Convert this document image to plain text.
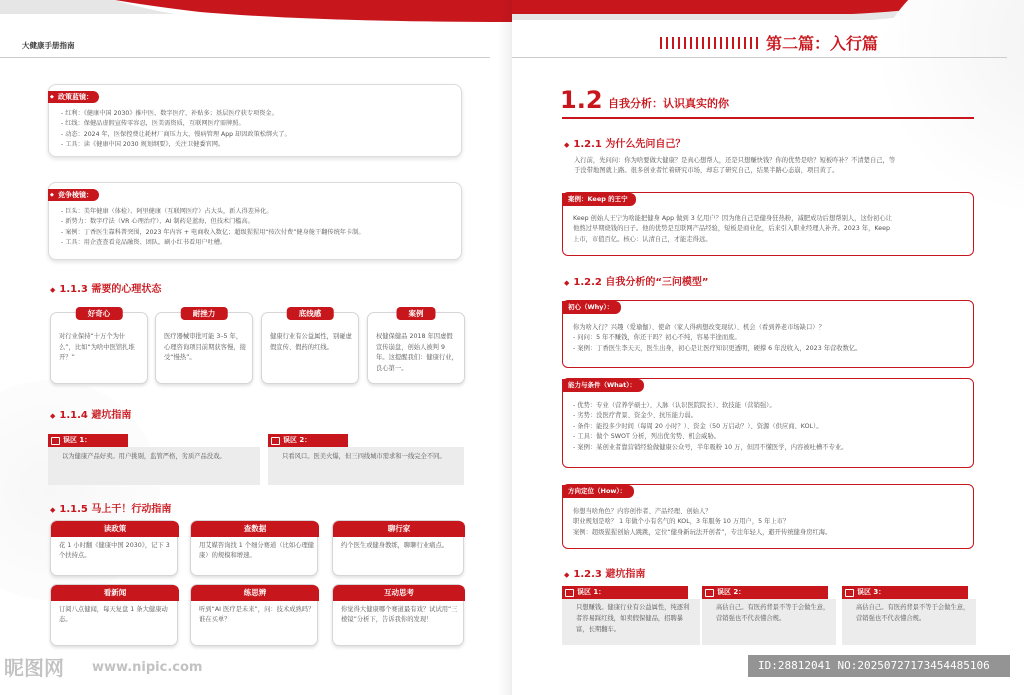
大健康手册指南
◆ 政策蓝镜：
- 红利：《健康中国 2030》推中医、数字医疗、补贴多；基层医疗获专项资金。
- 红线：保健品虚假宣传零容忍，医美需资质，互联网医疗需牌照。
- 动态：2024 年，医保控费让耗材厂商压力大，慢病管理 App 却因政策松绑火了。
- 工具：读《健康中国 2030 规划纲要》，关注卫健委官网。
◆ 竞争棱镜：
- 巨头：美年健康（体检）、阿里健康（互联网医疗）占大头，新人得差异化。
- 新势力：数字疗法（VR 心理治疗）、AI 制药是蓝海，但技术门槛高。
- 案例：丁香医生靠科普突围，2023 年内容 + 电商收入数亿；超级猩猩用“按次付费”健身舱干翻传统年卡制。
- 工具：用企查查看竞品融资、团队，刷小红书看用户吐槽。
◆ 1.1.3 需要的心理状态
好奇心
对行业保持“十万个为什么”，比如“为啥中医馆扎堆开？”
耐挫力
医疗器械审批可能 3–5 年，心理咨询项目前期获客慢，接受“慢热”。
底线感
健康行业有公益属性，别碰虚假宣传、假药的红线。
案例
权健保健品 2018 年因虚假宣传崩盘，创始人被判 9 年。这提醒我们：健康行业，良心第一。
◆ 1.1.4 避坑指南
误区 1：
以为健康产品好卖。用户挑剔，监管严格，劣质产品没戏。
误区 2：
只看风口。医美火爆，但三四线城市需求和一线完全不同。
◆ 1.1.5 马上干！行动指南
读政策
花 1 小时翻《健康中国 2030》，记下 3 个扶持点。
查数据
用艾媒咨询找 1 个细分赛道（比如心理健康）的规模和增速。
聊行家
约个医生或健身教练，聊聊行业痛点。
看新闻
订阅八点健闻，每天复盘 1 条大健康动态。
练思辨
听到“AI 医疗是未来”，问：技术成熟吗？谁在买单？
互动思考
你觉得大健康哪个赛道最有戏？试试用“三棱镜”分析下，告诉我你的发现！
昵图网 www.nipic.com
第二篇：入行篇
1.2 自我分析：认识真实的你
◆ 1.2.1 为什么先问自己？
入行前，先问问：你为啥要做大健康？是真心想帮人，还是只想赚快钱？你的优势是啥？短板咋补？不清楚自己，等
于没带地图就上路。很多创业者忙着研究市场，却忘了研究自己，结果半路心态崩，项目黄了。
案例：Keep 的王宁
Keep 创始人王宁为啥能把健身 App 做到 3 亿用户？因为他自己是健身狂热粉，减肥成功后想帮别人，这份初心让
他熬过早期烧钱的日子。他的优势是互联网产品经验，短板是商业化，后来引入职业经理人补齐。2023 年，Keep
上市，市值百亿。核心：认清自己，才能走得远。
◆ 1.2.2 自我分析的“三问模型”
初心（Why）：
你为啥入行？兴趣（爱瑜伽）、使命（家人得病想改变现状）、机会（看到养老市场缺口）？
- 问问：5 年不赚钱，你还干吗？初心不纯，容易半途而废。
- 案例：丁香医生李天天，医生出身，初心是让医疗知识更透明，硬撑 6 年没收入，2023 年营收数亿。
能力与条件（What）：
- 优势：专业（营养学硕士）、人脉（认识医院院长）、软技能（营销强）。
- 劣势：没医疗背景、资金少、抗压能力弱。
- 条件：能投多少时间（每周 20 小时？）、资金（50 万启动？）、资源（供应商、KOL）。
- 工具：做个 SWOT 分析，列出优劣势、机会威胁。
- 案例：某创业者靠营销经验做健康公众号，半年吸粉 10 万，但因不懂医学，内容被吐槽不专业。
方向定位（How）：
你想当啥角色？内容创作者、产品经理、创始人？
职业规划是啥？ 1 年做个小有名气的 KOL，3 年服务 10 万用户，5 年上市？
案例：超级猩猩创始人跳跳，定位“健身新玩法开创者”，专注年轻人，避开传统健身房红海。
◆ 1.2.3 避坑指南
误区 1：
只想赚钱。健康行业有公益属性，纯逐利者容易踩红线，如卖假保健品，招聘暴富，长期翻车。
误区 2：
高估自己。有医药背景不等于会做生意，营销强也不代表懂合规。
误区 3：
高估自己。有医药背景不等于会做生意，营销强也不代表懂合规。
ID:28812041 NO:20250727173454485106
